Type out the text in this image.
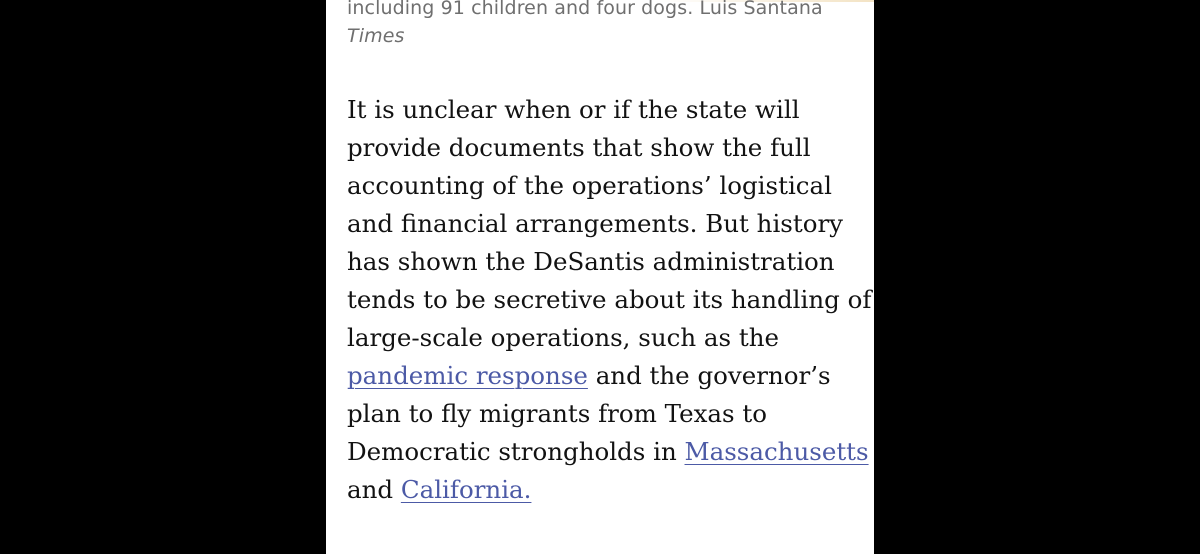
including 91 children and four dogs. Luis Santana
Times

It is unclear when or if the state will
provide documents that show the full
accounting of the operations’ logistical
and financial arrangements. But history
has shown the DeSantis administration
tends to be secretive about its handling of
large-scale operations, such as the
pandemic response and the governor’s
plan to fly migrants from Texas to
Democratic strongholds in Massachusetts
and California.
